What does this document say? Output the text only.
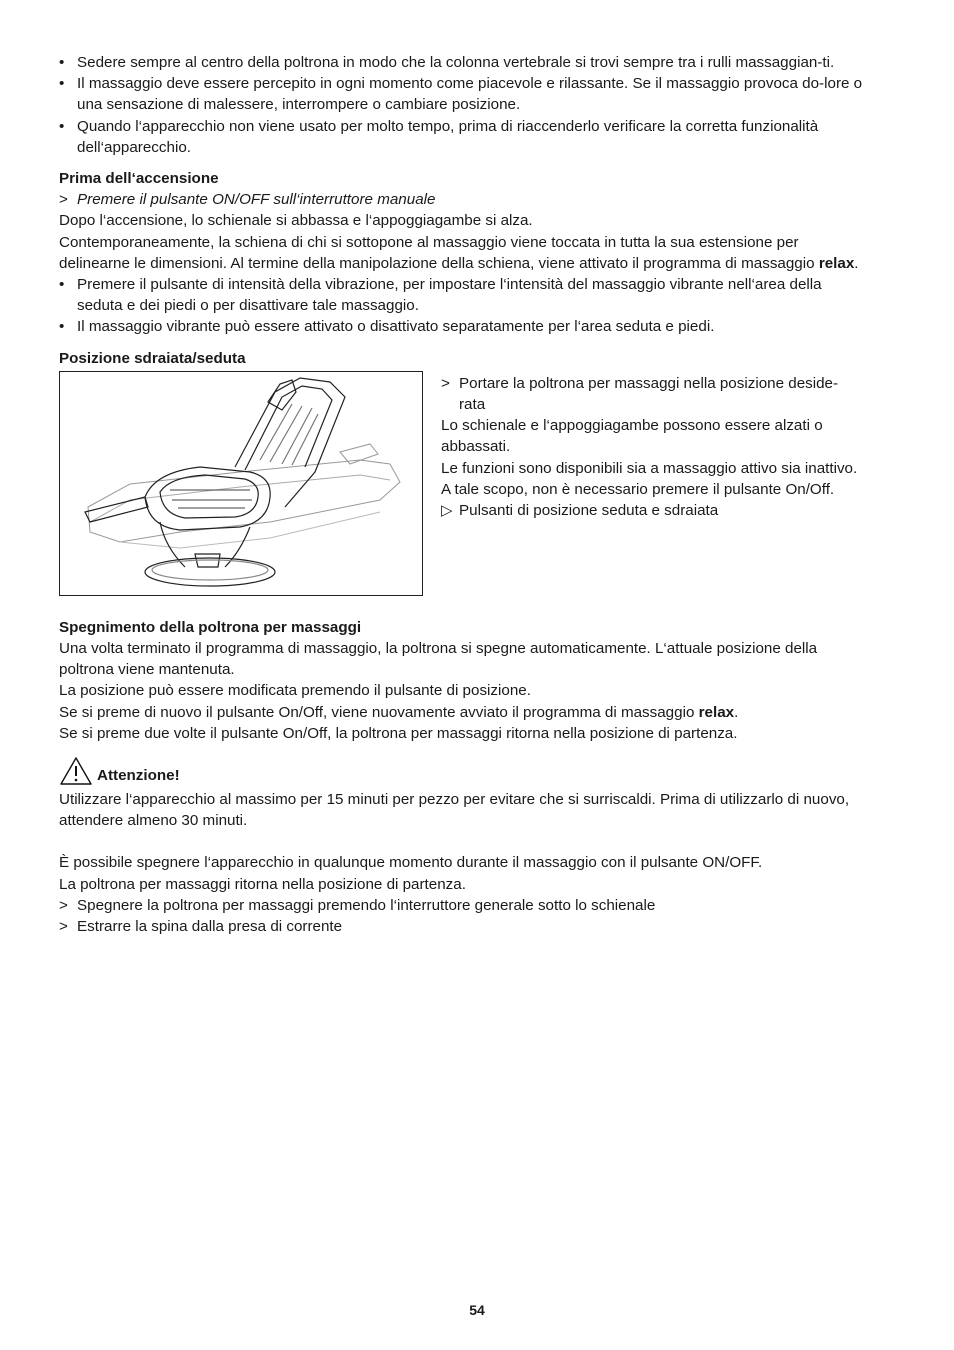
• Sedere sempre al centro della poltrona in modo che la colonna vertebrale si trovi sempre tra i rulli massaggian-ti.

• Il massaggio deve essere percepito in ogni momento come piacevole e rilassante. Se il massaggio provoca do-lore o una sensazione di malessere, interrompere o cambiare posizione.

• Quando l‘apparecchio non viene usato per molto tempo, prima di riaccenderlo verificare la corretta funzionalità dell‘apparecchio.

Prima dell‘accensione

> Premere il pulsante ON/OFF sull‘interruttore manuale

Dopo l‘accensione, lo schienale si abbassa e l‘appoggiagambe si alza.

Contemporaneamente, la schiena di chi si sottopone al massaggio viene toccata in tutta la sua estensione per delinearne le dimensioni. Al termine della manipolazione della schiena, viene attivato il programma di massaggio relax.

• Premere il pulsante di intensità della vibrazione, per impostare l‘intensità del massaggio vibrante nell‘area della seduta e dei piedi o per disattivare tale massaggio.

• Il massaggio vibrante può essere attivato o disattivato separatamente per l‘area seduta e piedi.

Posizione sdraiata/seduta

> Portare la poltrona per massaggi nella posizione deside-rata

Lo schienale e l‘appoggiagambe possono essere alzati o abbassati.

Le funzioni sono disponibili sia a massaggio attivo sia inattivo.

A tale scopo, non è necessario premere il pulsante On/Off.

▷ Pulsanti di posizione seduta e sdraiata

Spegnimento della poltrona per massaggi

Una volta terminato il programma di massaggio, la poltrona si spegne automaticamente. L‘attuale posizione della poltrona viene mantenuta.

La posizione può essere modificata premendo il pulsante di posizione.

Se si preme di nuovo il pulsante On/Off, viene nuovamente avviato il programma di massaggio relax.

Se si preme due volte il pulsante On/Off, la poltrona per massaggi ritorna nella posizione di partenza.

Attenzione!

Utilizzare l‘apparecchio al massimo per 15 minuti per pezzo per evitare che si surriscaldi. Prima di utilizzarlo di nuovo, attendere almeno 30 minuti.

È possibile spegnere l‘apparecchio in qualunque momento durante il massaggio con il pulsante ON/OFF.

La poltrona per massaggi ritorna nella posizione di partenza.

> Spegnere la poltrona per massaggi premendo l‘interruttore generale sotto lo schienale

> Estrarre la spina dalla presa di corrente

54
